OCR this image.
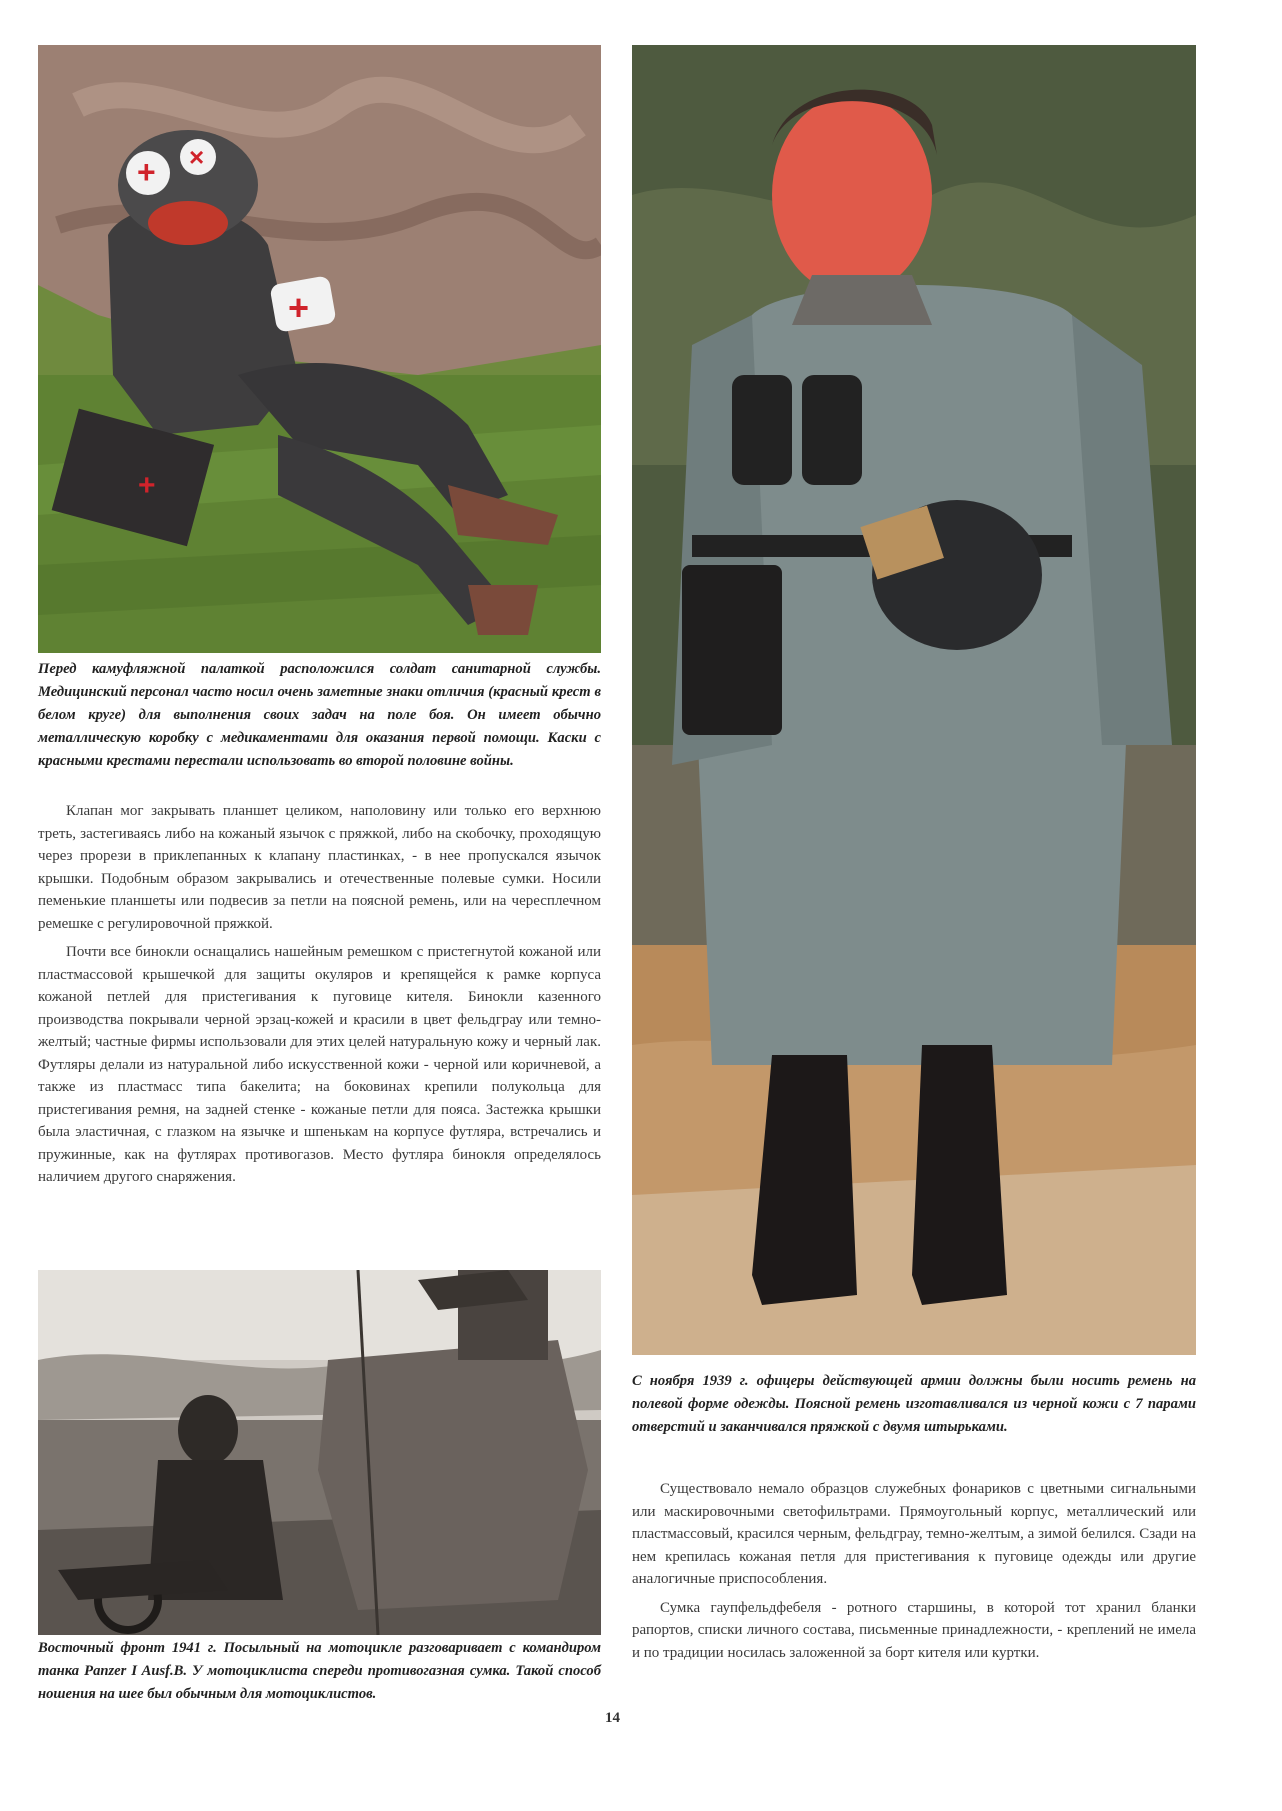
+ ×
+
+

Перед камуфляжной палаткой расположился солдат санитарной службы. Медицинский персонал часто носил очень заметные знаки отличия (красный крест в белом круге) для выполнения своих задач на поле боя. Он имеет обычно металлическую коробку с медикаментами для оказания первой помощи. Каски с красными крестами перестали использовать во второй половине войны.

С ноября 1939 г. офицеры действующей армии должны были носить ремень на полевой форме одежды. Поясной ремень изготавливался из черной кожи с 7 парами отверстий и заканчивался пряжкой с двумя штырьками.

Восточный фронт 1941 г. Посыльный на мотоцикле разговаривает с командиром танка Panzer I Ausf.B. У мотоциклиста спереди противогазная сумка. Такой способ ношения на шее был обычным для мотоциклистов.

Клапан мог закрывать планшет целиком, наполовину или только его верхнюю треть, застегиваясь либо на кожаный язычок с пряжкой, либо на скобочку, проходящую через прорези в приклепанных к клапану пластинках, - в нее пропускался язычок крышки. Подобным образом закрывались и отечественные полевые сумки. Носили пеменькие планшеты или подвесив за петли на поясной ремень, или на чересплечном ремешке с регулировочной пряжкой.

Почти все бинокли оснащались нашейным ремешком с пристегнутой кожаной или пластмассовой крышечкой для защиты окуляров и крепящейся к рамке корпуса кожаной петлей для пристегивания к пуговице кителя. Бинокли казенного производства покрывали черной эрзац-кожей и красили в цвет фельдграу или темно-желтый; частные фирмы использовали для этих целей натуральную кожу и черный лак. Футляры делали из натуральной либо искусственной кожи - черной или коричневой, а также из пластмасс типа бакелита; на боковинах крепили полукольца для пристегивания ремня, на задней стенке - кожаные петли для пояса. Застежка крышки была эластичная, с глазком на язычке и шпенькам на корпусе футляра, встречались и пружинные, как на футлярах противогазов. Место футляра бинокля определялось наличием другого снаряжения.

Существовало немало образцов служебных фонариков с цветными сигнальными или маскировочными светофильтрами. Прямоугольный корпус, металлический или пластмассовый, красился черным, фельдграу, темно-желтым, а зимой белился. Сзади на нем крепилась кожаная петля для пристегивания к пуговице одежды или другие аналогичные приспособления.

Сумка гаупфельдфебеля - ротного старшины, в которой тот хранил бланки рапортов, списки личного состава, письменные принадлежности, - креплений не имела и по традиции носилась заложенной за борт кителя или куртки.

14
